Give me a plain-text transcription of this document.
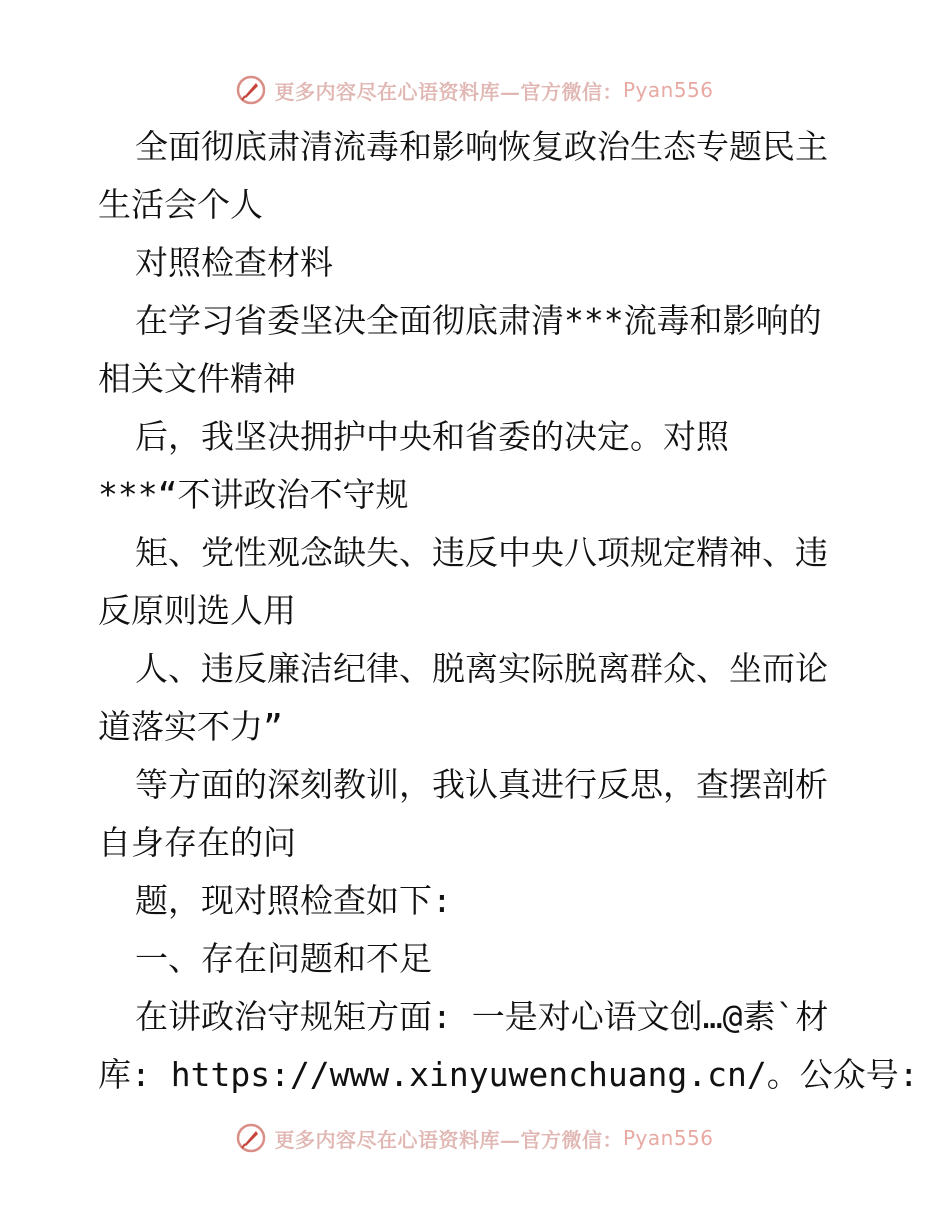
更多内容尽在心语资料库— 官方微信： Pyan556
全面彻底肃清流毒和影响恢复政治生态专题民主
生活会个人
对照检查材料
在学习省委坚决全面彻底肃清***流毒和影响的
相关文件精神
后，我坚决拥护中央和省委的决定。对照
***“不讲政治不守规
矩、党性观念缺失、违反中央八项规定精神、违
反原则选人用
人、违反廉洁纪律、脱离实际脱离群众、坐而论
道落实不力”
等方面的深刻教训，我认真进行反思，查摆剖析
自身存在的问
题，现对照检查如下:
一、存在问题和不足
在讲政治守规矩方面: 一是对心语文创…@素`材
库: https://www.xinyuwenchuang.cn/。公众号:
更多内容尽在心语资料库— 官方微信： Pyan556
